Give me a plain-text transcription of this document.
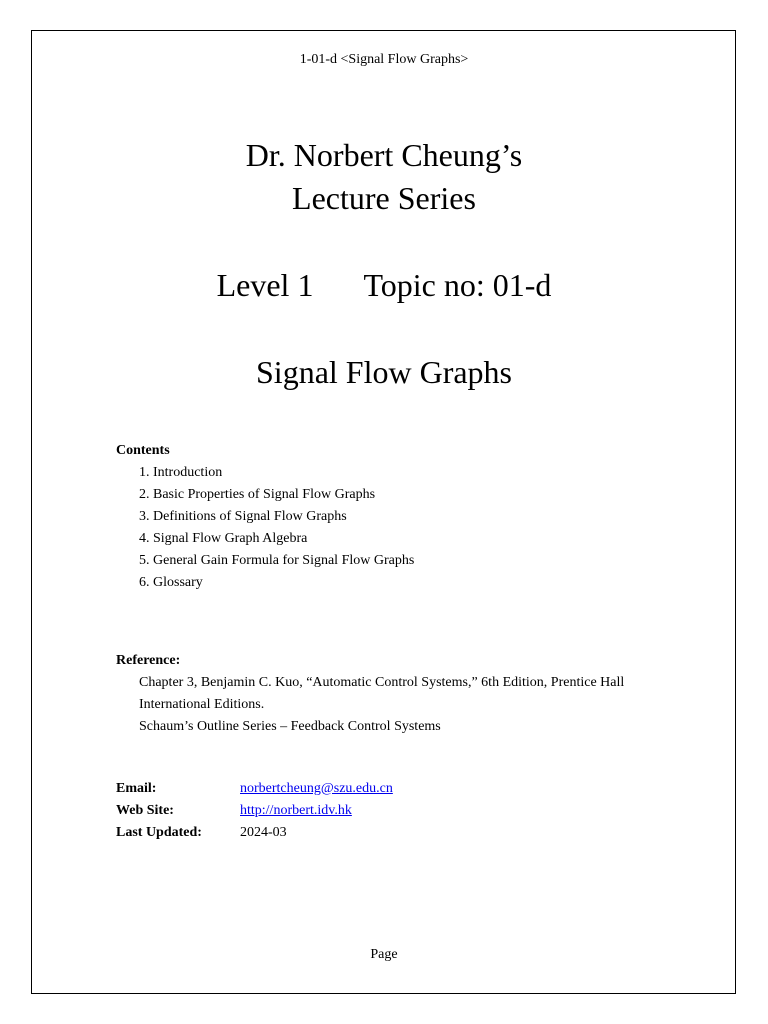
1-01-d <Signal Flow Graphs>
Dr. Norbert Cheung’s
Lecture Series
Level 1 Topic no: 01-d
Signal Flow Graphs
Contents
1. Introduction
2. Basic Properties of Signal Flow Graphs
3. Definitions of Signal Flow Graphs
4. Signal Flow Graph Algebra
5. General Gain Formula for Signal Flow Graphs
6. Glossary
Reference:
Chapter 3, Benjamin C. Kuo, “Automatic Control Systems,” 6th Edition, Prentice Hall International Editions.
Schaum’s Outline Series – Feedback Control Systems
Email:	norbertcheung@szu.edu.cn
Web Site:	http://norbert.idv.hk
Last Updated:	2024-03
Page
